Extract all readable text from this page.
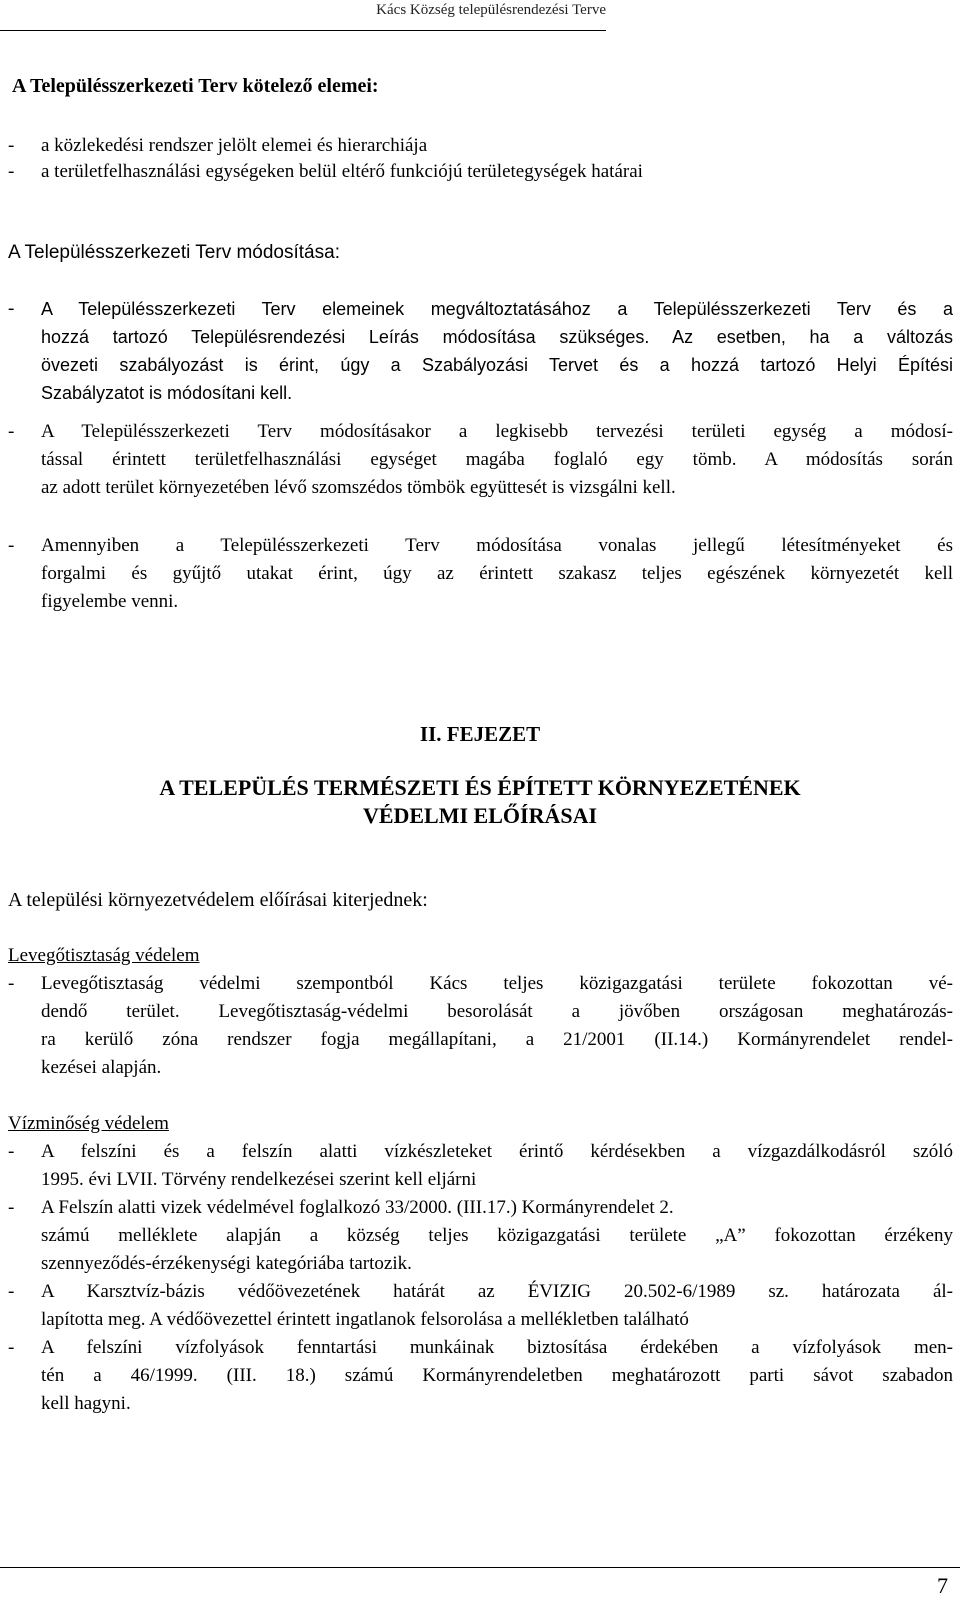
Kács Község településrendezési Terve
A Településszerkezeti Terv kötelező elemei:
- a közlekedési rendszer jelölt elemei és hierarchiája
- a területfelhasználási egységeken belül eltérő funkciójú területegységek határai
A Településszerkezeti Terv módosítása:
- A Településszerkezeti Terv elemeinek megváltoztatásához a Településszerkezeti Terv és a
hozzá tartozó Településrendezési Leírás módosítása szükséges. Az esetben, ha a változás
övezeti szabályozást is érint, úgy a Szabályozási Tervet és a hozzá tartozó Helyi Építési
Szabályzatot is módosítani kell.
- A Településszerkezeti Terv módosításakor a legkisebb tervezési területi egység a módosí-
tással érintett területfelhasználási egységet magába foglaló egy tömb. A módosítás során
az adott terület környezetében lévő szomszédos tömbök együttesét is vizsgálni kell.
- Amennyiben a Településszerkezeti Terv módosítása vonalas jellegű létesítményeket és
forgalmi és gyűjtő utakat érint, úgy az érintett szakasz teljes egészének környezetét kell
figyelembe venni.
II. FEJEZET
A TELEPÜLÉS TERMÉSZETI ÉS ÉPÍTETT KÖRNYEZETÉNEK
VÉDELMI ELŐÍRÁSAI
A települési környezetvédelem előírásai kiterjednek:
Levegőtisztaság védelem
- Levegőtisztaság védelmi szempontból Kács teljes közigazgatási területe fokozottan vé-
dendő terület. Levegőtisztaság-védelmi besorolását a jövőben országosan meghatározás-
ra kerülő zóna rendszer fogja megállapítani, a 21/2001 (II.14.) Kormányrendelet rendel-
kezései alapján.
Vízminőség védelem
- A felszíni és a felszín alatti vízkészleteket érintő kérdésekben a vízgazdálkodásról szóló
1995. évi LVII. Törvény rendelkezései szerint kell eljárni
- A Felszín alatti vizek védelmével foglalkozó 33/2000. (III.17.) Kormányrendelet 2.
számú melléklete alapján a község teljes közigazgatási területe „A” fokozottan érzékeny
szennyeződés-érzékenységi kategóriába tartozik.
- A Karsztvíz-bázis védőövezetének határát az ÉVIZIG 20.502-6/1989 sz. határozata ál-
lapította meg. A védőövezettel érintett ingatlanok felsorolása a mellékletben található
- A felszíni vízfolyások fenntartási munkáinak biztosítása érdekében a vízfolyások men-
tén a 46/1999. (III. 18.) számú Kormányrendeletben meghatározott parti sávot szabadon
kell hagyni.
7
